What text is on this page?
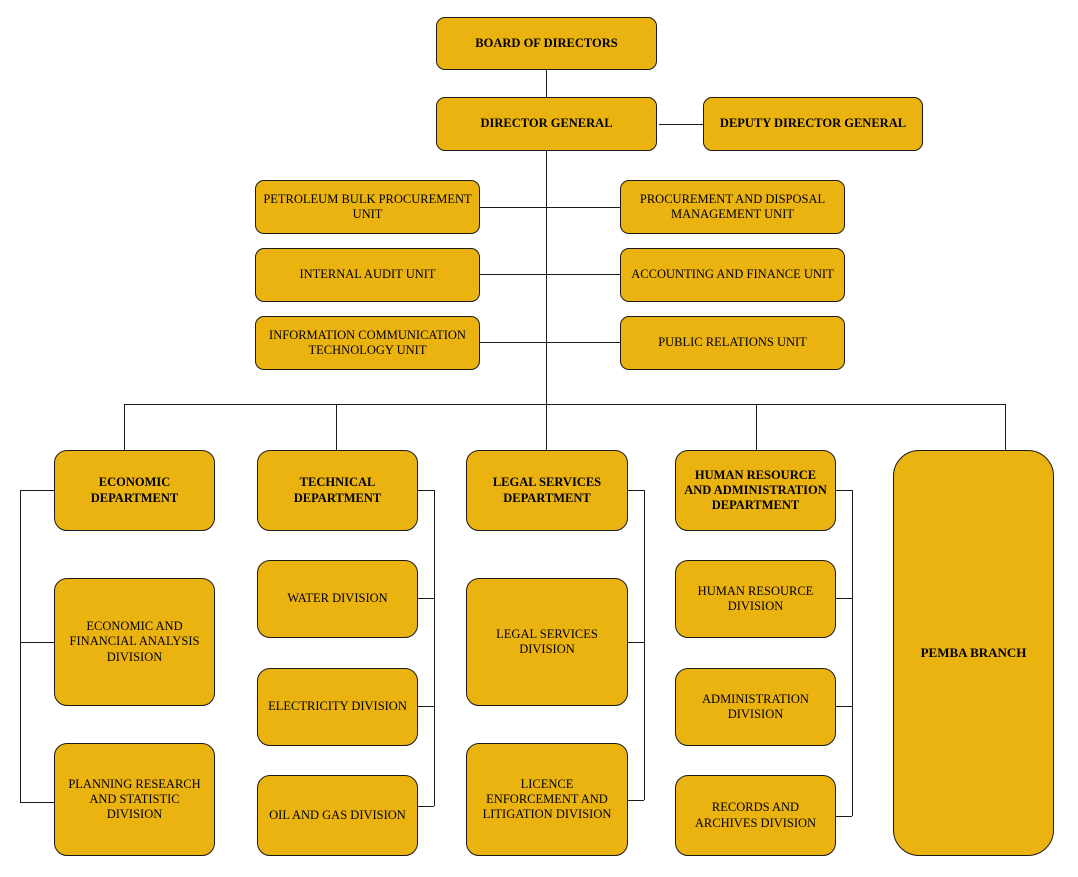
BOARD OF DIRECTORS
DIRECTOR GENERAL	DEPUTY DIRECTOR GENERAL
PETROLEUM BULK PROCUREMENT UNIT
PROCUREMENT AND DISPOSAL MANAGEMENT UNIT
INTERNAL AUDIT UNIT	ACCOUNTING AND FINANCE UNIT
INFORMATION COMMUNICATION TECHNOLOGY UNIT
PUBLIC RELATIONS UNIT
ECONOMIC DEPARTMENT
TECHNICAL DEPARTMENT
LEGAL SERVICES DEPARTMENT
HUMAN RESOURCE AND ADMINISTRATION DEPARTMENT
PEMBA BRANCH
ECONOMIC AND FINANCIAL ANALYSIS DIVISION
PLANNING RESEARCH AND STATISTIC DIVISION
WATER DIVISION
ELECTRICITY DIVISION
OIL AND GAS DIVISION
LEGAL SERVICES DIVISION
LICENCE ENFORCEMENT AND LITIGATION DIVISION
HUMAN RESOURCE DIVISION
ADMINISTRATION DIVISION
RECORDS AND ARCHIVES DIVISION
